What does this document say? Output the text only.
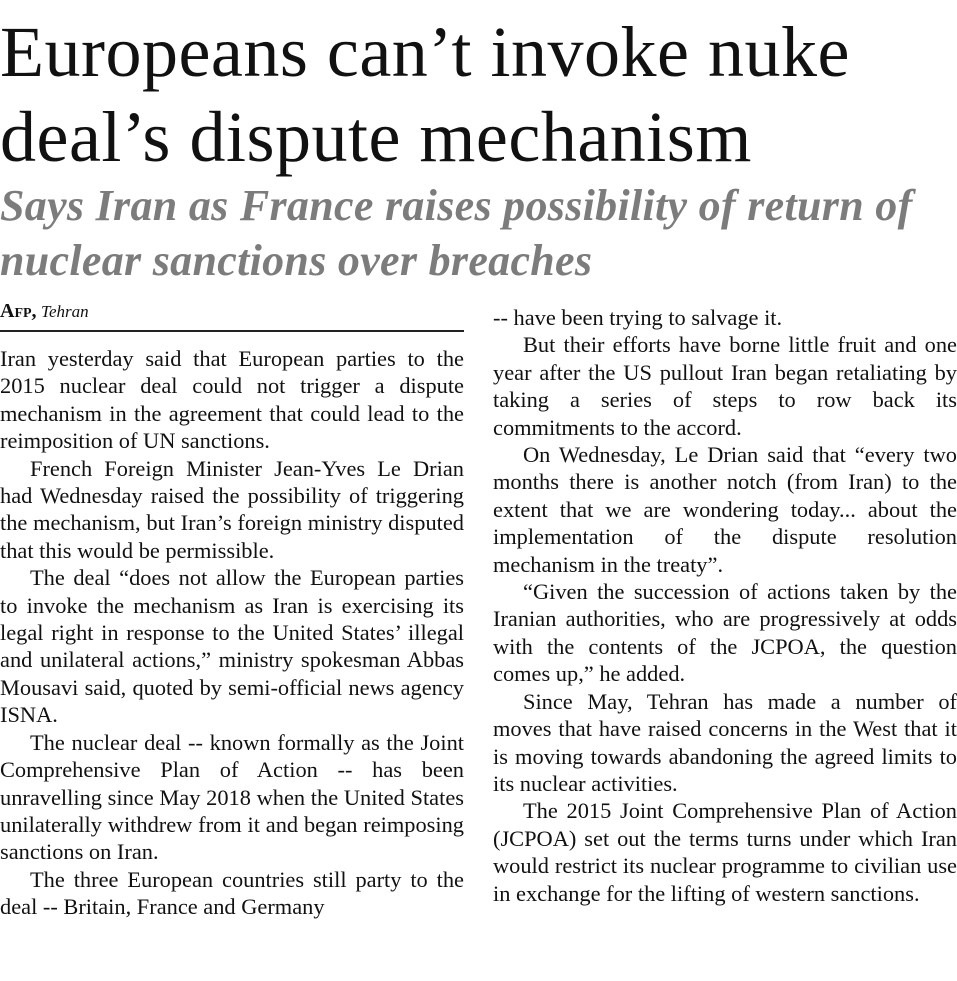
Europeans can’t invoke nuke deal’s dispute mechanism
Says Iran as France raises possibility of return of nuclear sanctions over breaches
Afp, Tehran

Iran yesterday said that European parties to the 2015 nuclear deal could not trigger a dispute mechanism in the agreement that could lead to the reimposition of UN sanctions.

French Foreign Minister Jean-Yves Le Drian had Wednesday raised the possibility of triggering the mechanism, but Iran’s foreign ministry disputed that this would be permissible.

The deal “does not allow the European parties to invoke the mechanism as Iran is exercising its legal right in response to the United States’ illegal and unilateral actions,” ministry spokesman Abbas Mousavi said, quoted by semi-official news agency ISNA.

The nuclear deal -- known formally as the Joint Comprehensive Plan of Action -- has been unravelling since May 2018 when the United States unilaterally withdrew from it and began reimposing sanctions on Iran.

The three European countries still party to the deal -- Britain, France and Germany

-- have been trying to salvage it.

But their efforts have borne little fruit and one year after the US pullout Iran began retaliating by taking a series of steps to row back its commitments to the accord.

On Wednesday, Le Drian said that “every two months there is another notch (from Iran) to the extent that we are wondering today... about the implementation of the dispute resolution mechanism in the treaty”.

“Given the succession of actions taken by the Iranian authorities, who are progressively at odds with the contents of the JCPOA, the question comes up,” he added.

Since May, Tehran has made a number of moves that have raised concerns in the West that it is moving towards abandoning the agreed limits to its nuclear activities.

The 2015 Joint Comprehensive Plan of Action (JCPOA) set out the terms turns under which Iran would restrict its nuclear programme to civilian use in exchange for the lifting of western sanctions.
